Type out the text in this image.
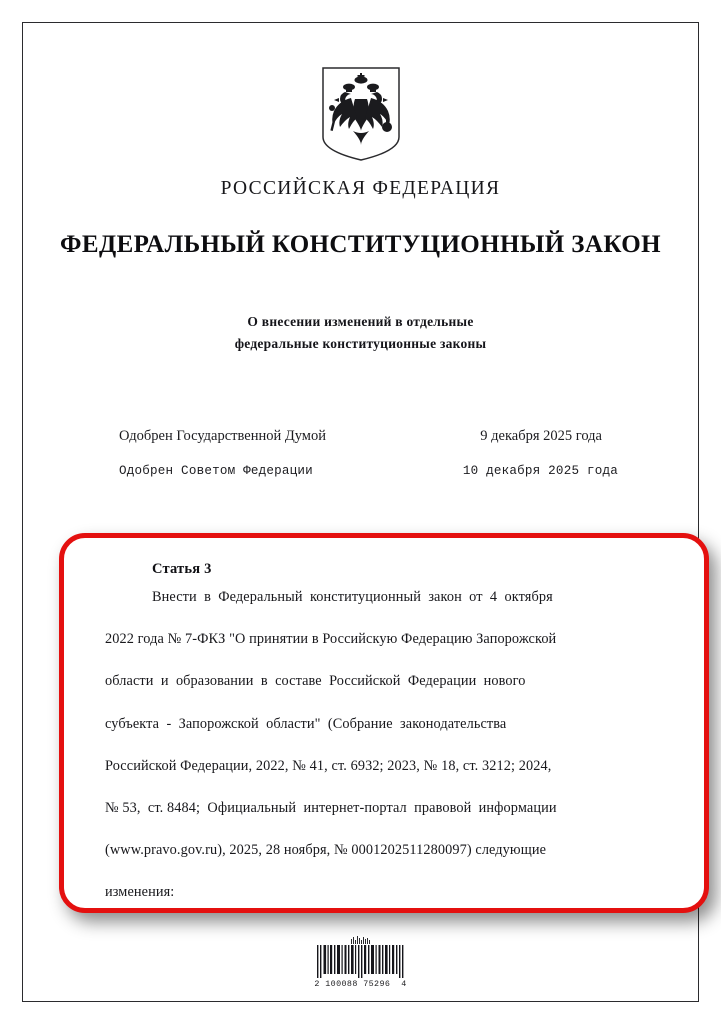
РОССИЙСКАЯ ФЕДЕРАЦИЯ
ФЕДЕРАЛЬНЫЙ КОНСТИТУЦИОННЫЙ ЗАКОН
О внесении изменений в отдельные
федеральные конституционные законы
Одобрен Государственной Думой	9 декабря 2025 года
Одобрен Советом Федерации	10 декабря 2025 года
Статья 3

Внести  в  Федеральный  конституционный  закон  от  4  октября

2022 года № 7-ФКЗ "О принятии в Российскую Федерацию Запорожской

области  и  образовании  в  составе  Российской  Федерации  нового

субъекта  -  Запорожской  области"  (Собрание  законодательства

Российской Федерации, 2022, № 41, ст. 6932; 2023, № 18, ст. 3212; 2024,

№ 53,  ст. 8484;  Официальный  интернет-портал  правовой  информации

(www.pravo.gov.ru), 2025, 28 ноября, № 0001202511280097) следующие

изменения:

2 100088 75296  4
